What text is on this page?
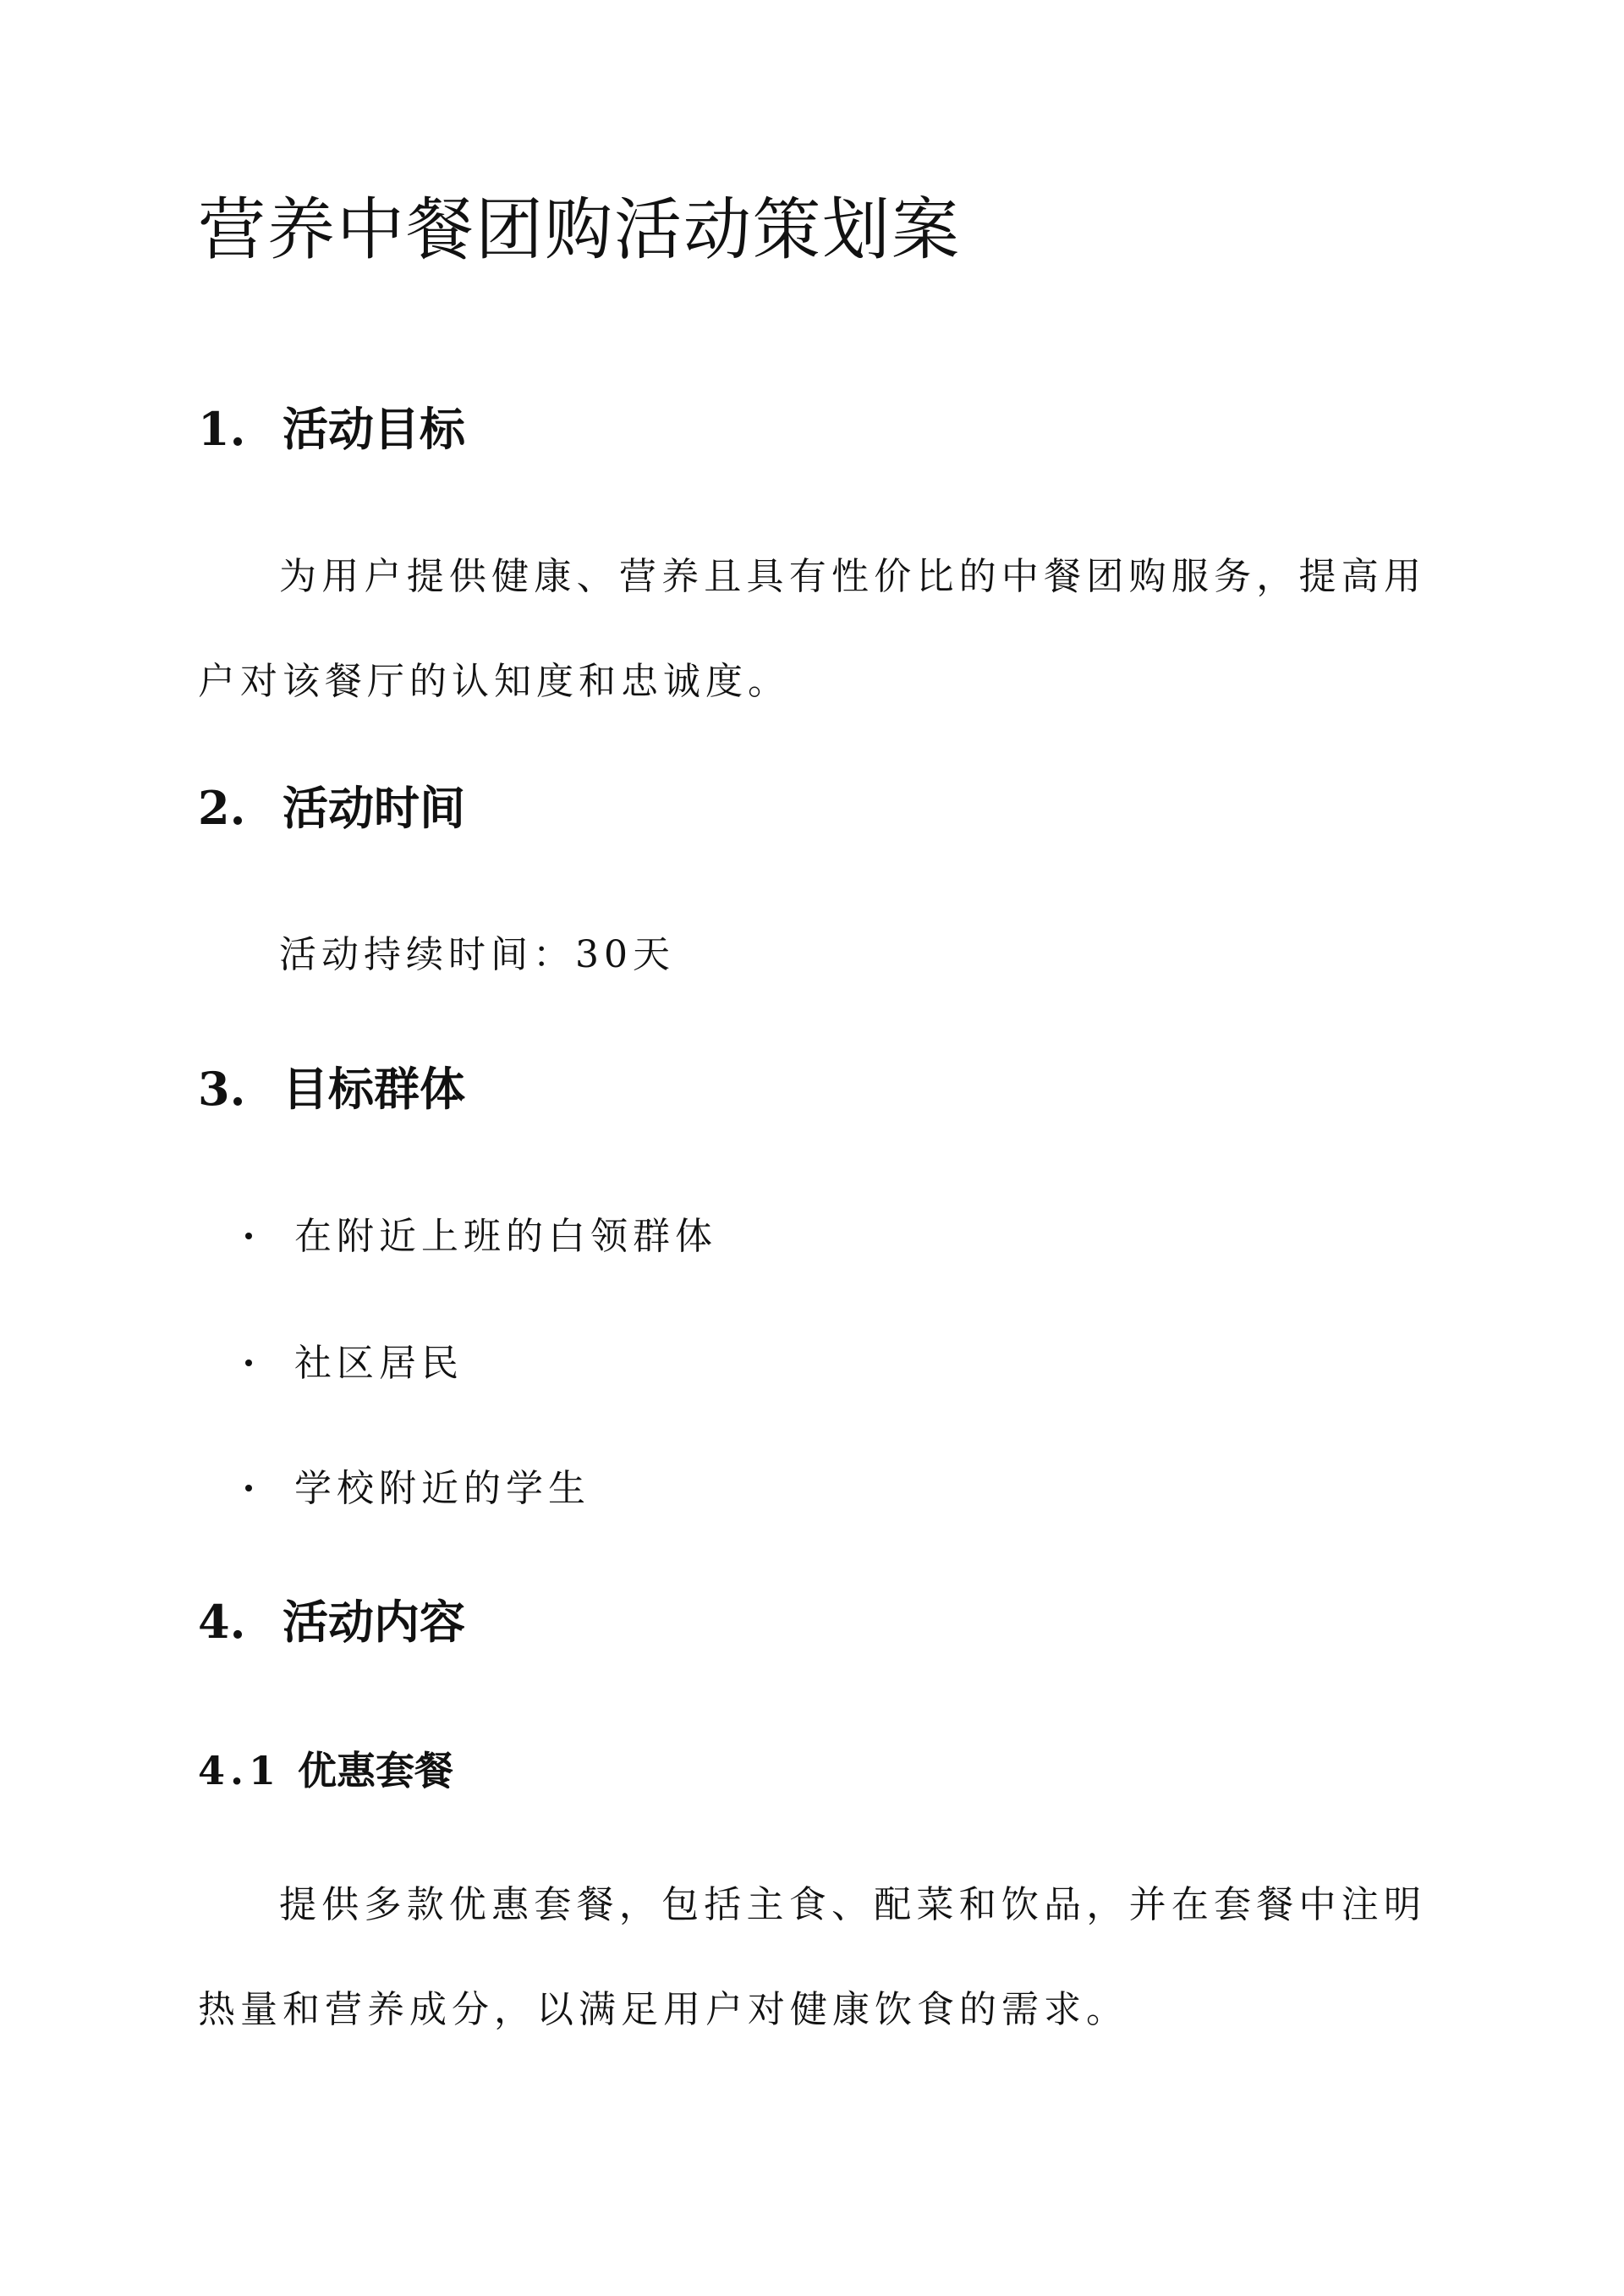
营养中餐团购活动策划案
1. 活动目标

为用户提供健康、营养且具有性价比的中餐团购服务，提高用户对该餐厅的认知度和忠诚度。

2. 活动时间

活动持续时间：30天

3. 目标群体
在附近上班的白领群体
社区居民
学校附近的学生
4. 活动内容
4.1 优惠套餐

提供多款优惠套餐，包括主食、配菜和饮品，并在套餐中注明热量和营养成分，以满足用户对健康饮食的需求。
